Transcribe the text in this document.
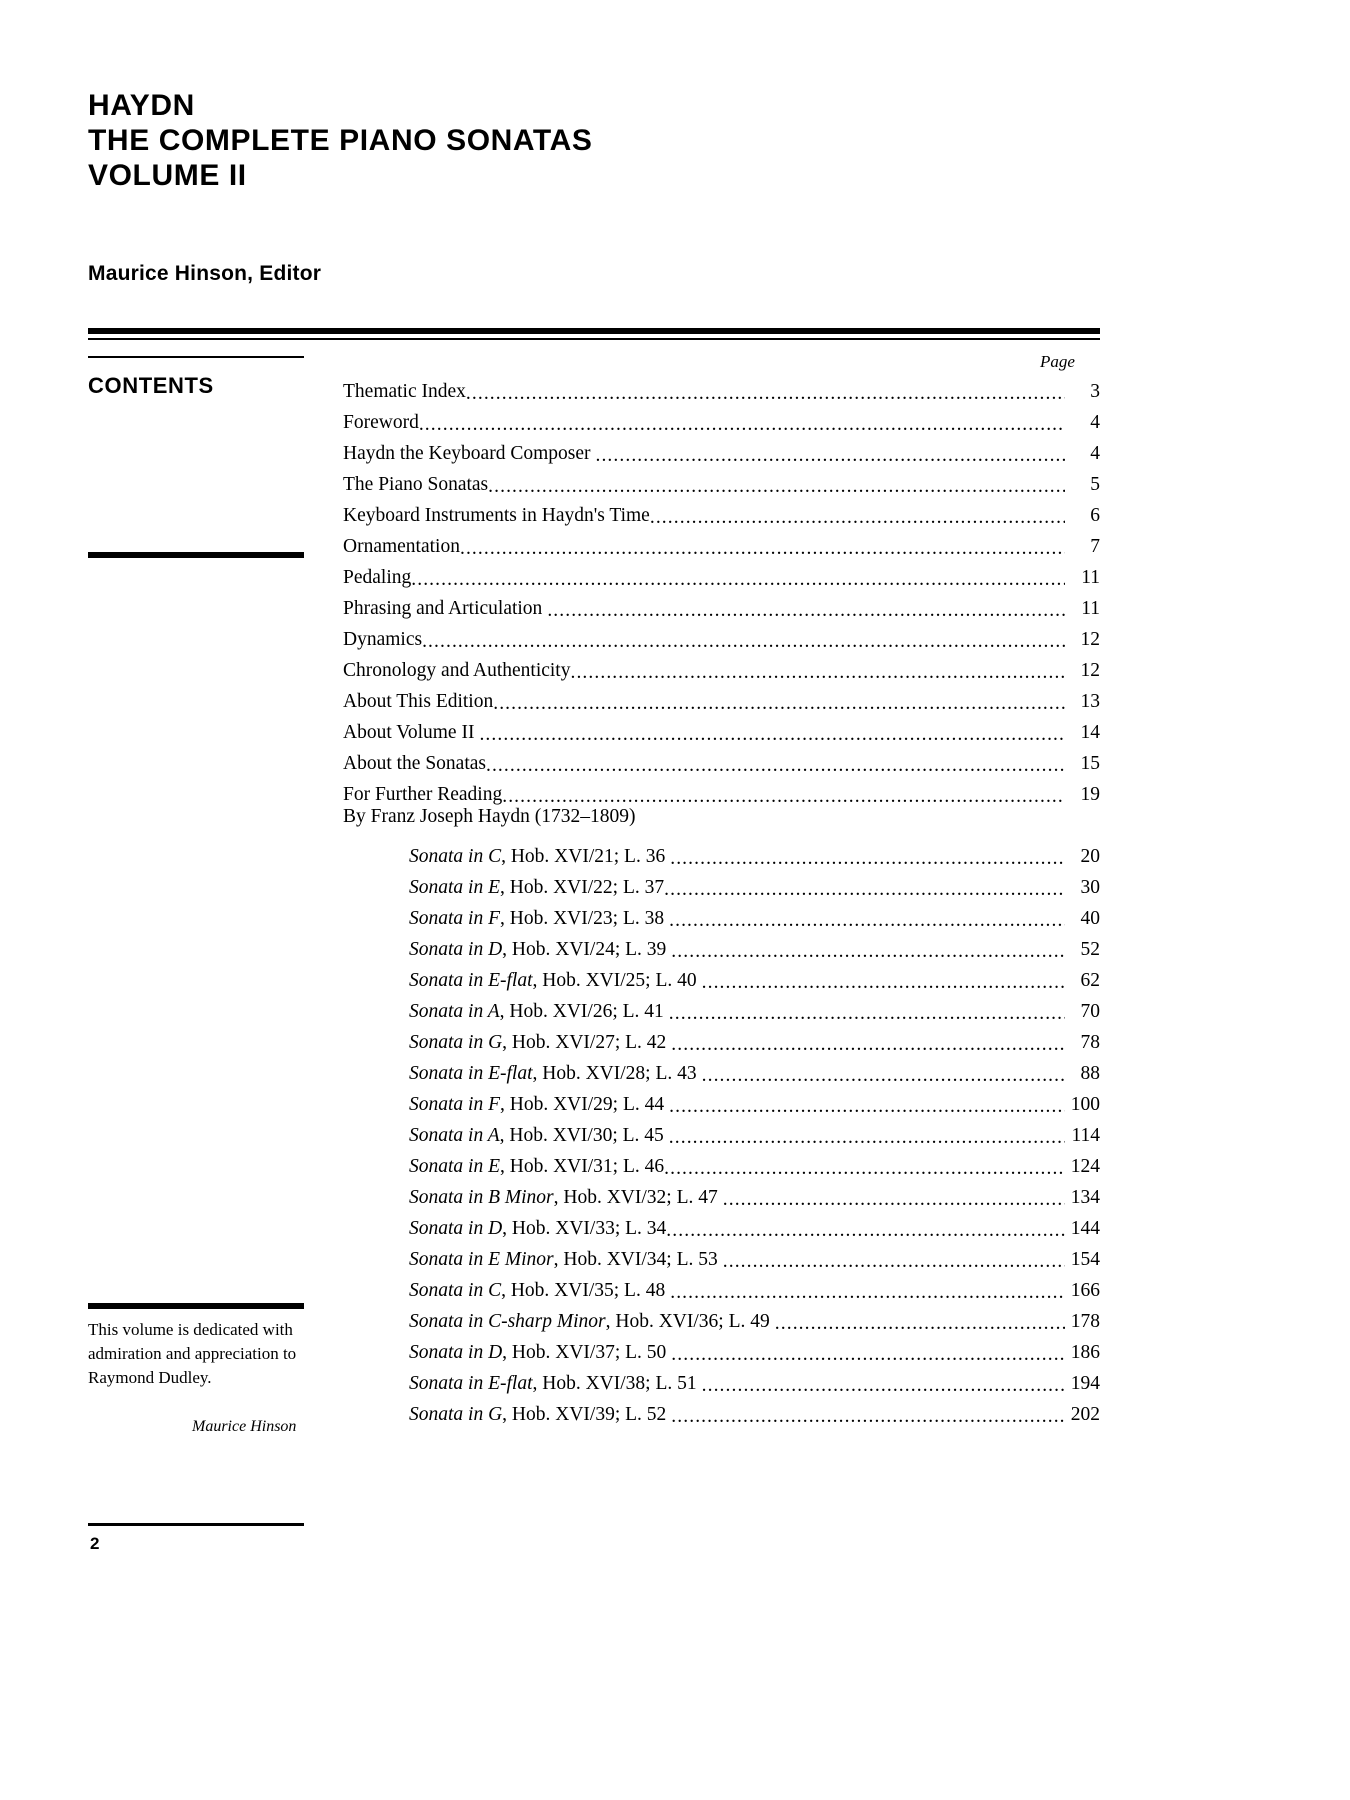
HAYDN
THE COMPLETE PIANO SONATAS
VOLUME II
Maurice Hinson, Editor
CONTENTS
This volume is dedicated with admiration and appreciation to Raymond Dudley.
Maurice Hinson
2
Page
Thematic Index .....	3
Foreword .....	4
Haydn the Keyboard Composer .....	4
The Piano Sonatas .....	5
Keyboard Instruments in Haydn's Time .....	6
Ornamentation .....	7
Pedaling .....	11
Phrasing and Articulation .....	11
Dynamics .....	12
Chronology and Authenticity .....	12
About This Edition .....	13
About Volume II .....	14
About the Sonatas .....	15
For Further Reading .....	19
By Franz Joseph Haydn (1732–1809)
Sonata in C, Hob. XVI/21; L. 36 .....	20
Sonata in E, Hob. XVI/22; L. 37 .....	30
Sonata in F, Hob. XVI/23; L. 38 .....	40
Sonata in D, Hob. XVI/24; L. 39 .....	52
Sonata in E-flat, Hob. XVI/25; L. 40 .....	62
Sonata in A, Hob. XVI/26; L. 41 .....	70
Sonata in G, Hob. XVI/27; L. 42 .....	78
Sonata in E-flat, Hob. XVI/28; L. 43 .....	88
Sonata in F, Hob. XVI/29; L. 44 .....	100
Sonata in A, Hob. XVI/30; L. 45 .....	114
Sonata in E, Hob. XVI/31; L. 46 .....	124
Sonata in B Minor, Hob. XVI/32; L. 47 .....	134
Sonata in D, Hob. XVI/33; L. 34 .....	144
Sonata in E Minor, Hob. XVI/34; L. 53 .....	154
Sonata in C, Hob. XVI/35; L. 48 .....	166
Sonata in C-sharp Minor, Hob. XVI/36; L. 49 .....	178
Sonata in D, Hob. XVI/37; L. 50 .....	186
Sonata in E-flat, Hob. XVI/38; L. 51 .....	194
Sonata in G, Hob. XVI/39; L. 52 .....	202
